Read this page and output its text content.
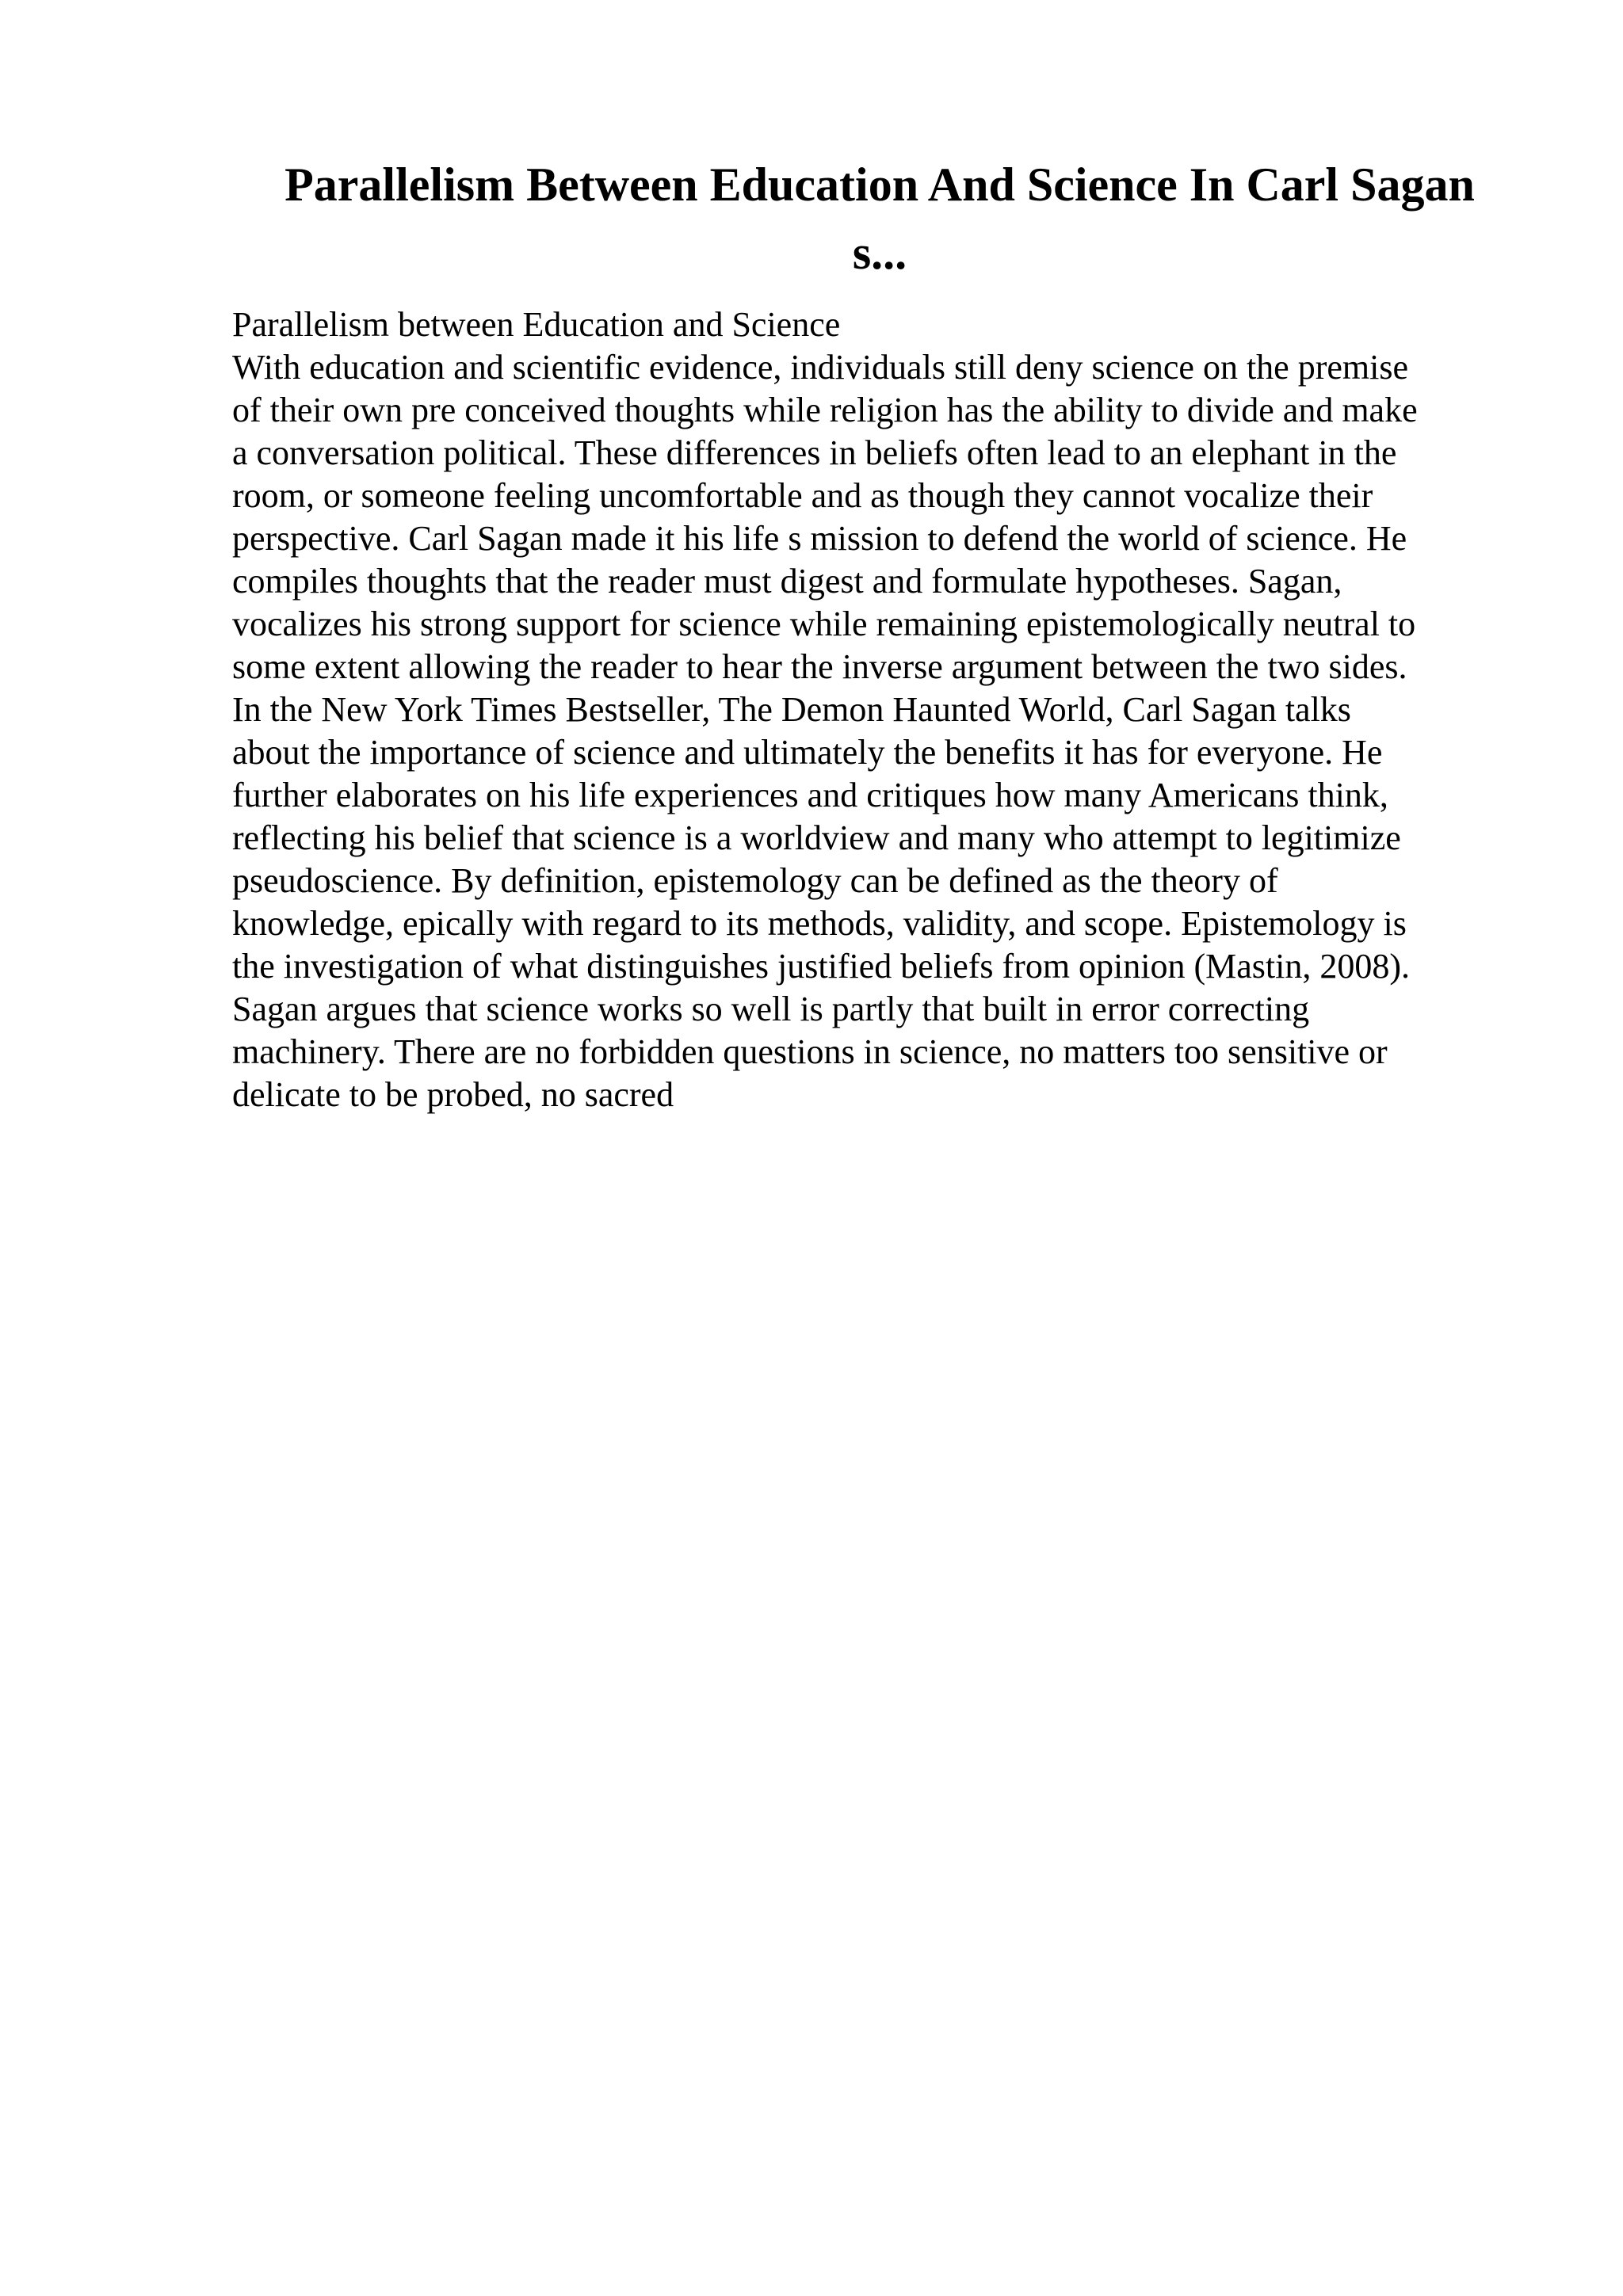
Parallelism Between Education And Science In Carl Sagan
s...
Parallelism between Education and Science
With education and scientific evidence, individuals still deny science on the premise
of their own pre conceived thoughts while religion has the ability to divide and make
a conversation political. These differences in beliefs often lead to an elephant in the
room, or someone feeling uncomfortable and as though they cannot vocalize their
perspective. Carl Sagan made it his life s mission to defend the world of science. He
compiles thoughts that the reader must digest and formulate hypotheses. Sagan,
vocalizes his strong support for science while remaining epistemologically neutral to
some extent allowing the reader to hear the inverse argument between the two sides.
In the New York Times Bestseller, The Demon Haunted World, Carl Sagan talks
about the importance of science and ultimately the benefits it has for everyone. He
further elaborates on his life experiences and critiques how many Americans think,
reflecting his belief that science is a worldview and many who attempt to legitimize
pseudoscience. By definition, epistemology can be defined as the theory of
knowledge, epically with regard to its methods, validity, and scope. Epistemology is
the investigation of what distinguishes justified beliefs from opinion (Mastin, 2008).
Sagan argues that science works so well is partly that built in error correcting
machinery. There are no forbidden questions in science, no matters too sensitive or
delicate to be probed, no sacred
